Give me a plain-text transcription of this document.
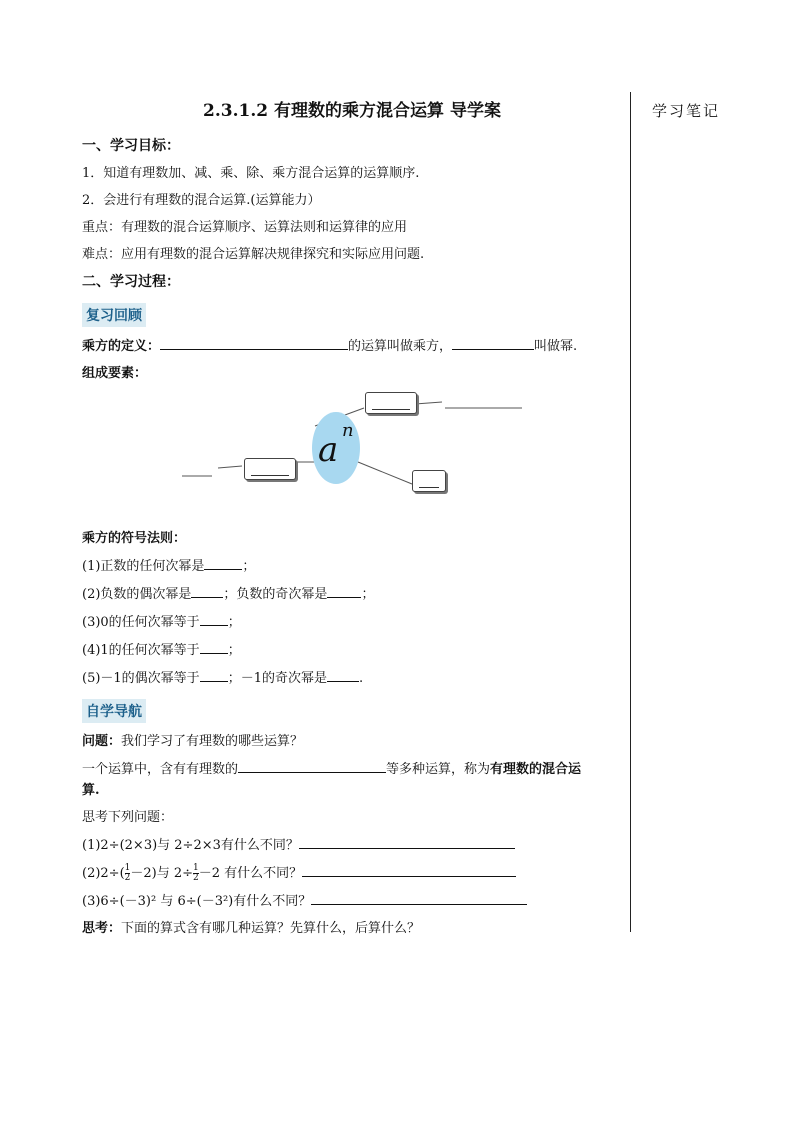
学习笔记
2.3.1.2 有理数的乘方混合运算 导学案
一、学习目标：
1．知道有理数加、减、乘、除、乘方混合运算的运算顺序.
2．会进行有理数的混合运算.(运算能力）
重点：有理数的混合运算顺序、运算法则和运算律的应用
难点：应用有理数的混合运算解决规律探究和实际应用问题.
二、学习过程：
复习回顾
乘方的定义：	的运算叫做乘方，	叫做幂.
组成要素：
a n
乘方的符号法则：
(1)正数的任何次幂是	；
(2)负数的偶次幂是 ；负数的奇次幂是	；
(3)0的任何次幂等于 ；
(4)1的任何次幂等于 ；
(5)－1的偶次幂等于 ；－1的奇次幂是 .
自学导航
问题：我们学习了有理数的哪些运算？
一个运算中，含有有理数的	等多种运算，称为有理数的混合运
算.
思考下列问题：
(1)2÷(2×3)与 2÷2×3有什么不同？
$(2)2\div( \frac{1}{2} -2)$与 $2\div \frac{1}{2} -2$ 有什么不同？
(3)6÷(－3)² 与 6÷(－3²)有什么不同？
思考：下面的算式含有哪几种运算？先算什么，后算什么？
